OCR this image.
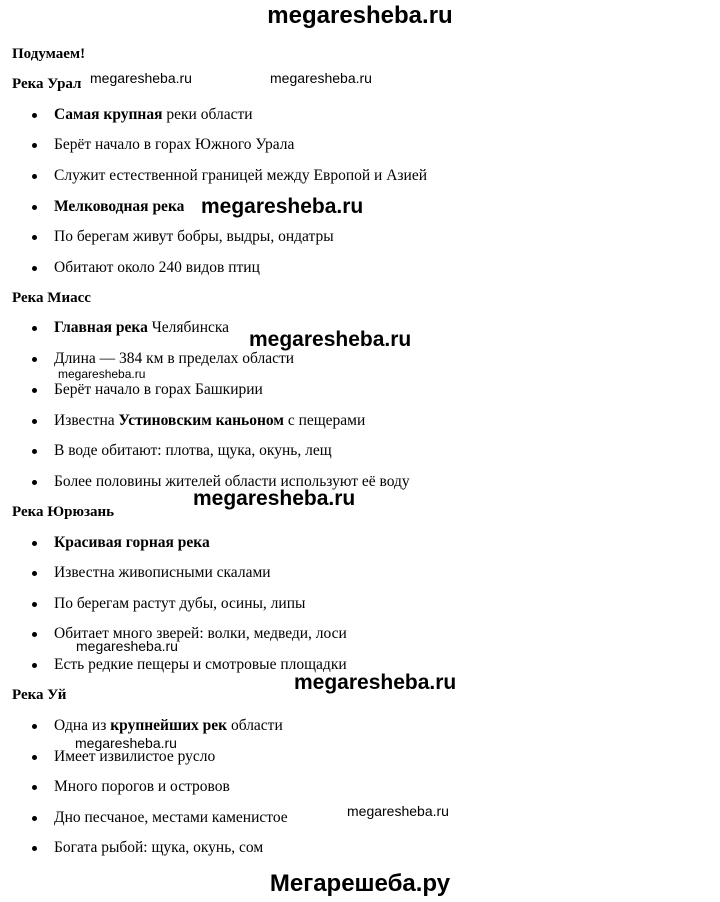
megaresheba.ru
Подумаем!
Река Урал
Самая крупная реки области
Берёт начало в горах Южного Урала
Служит естественной границей между Европой и Азией
Мелководная река
По берегам живут бобры, выдры, ондатры
Обитают около 240 видов птиц
Река Миасс
Главная река Челябинска
Длина — 384 км в пределах области
Берёт начало в горах Башкирии
Известна Устиновским каньоном с пещерами
В воде обитают: плотва, щука, окунь, лещ
Более половины жителей области используют её воду
Река Юрюзань
Красивая горная река
Известна живописными скалами
По берегам растут дубы, осины, липы
Обитает много зверей: волки, медведи, лоси
Есть редкие пещеры и смотровые площадки
Река Уй
Одна из крупнейших рек области
Имеет извилистое русло
Много порогов и островов
Дно песчаное, местами каменистое
Богата рыбой: щука, окунь, сом
megaresheba.ru	megaresheba.ru
megaresheba.ru
megaresheba.ru
megaresheba.ru
megaresheba.ru
megaresheba.ru
megaresheba.ru
megaresheba.ru
megaresheba.ru
Мегарешеба.ру
